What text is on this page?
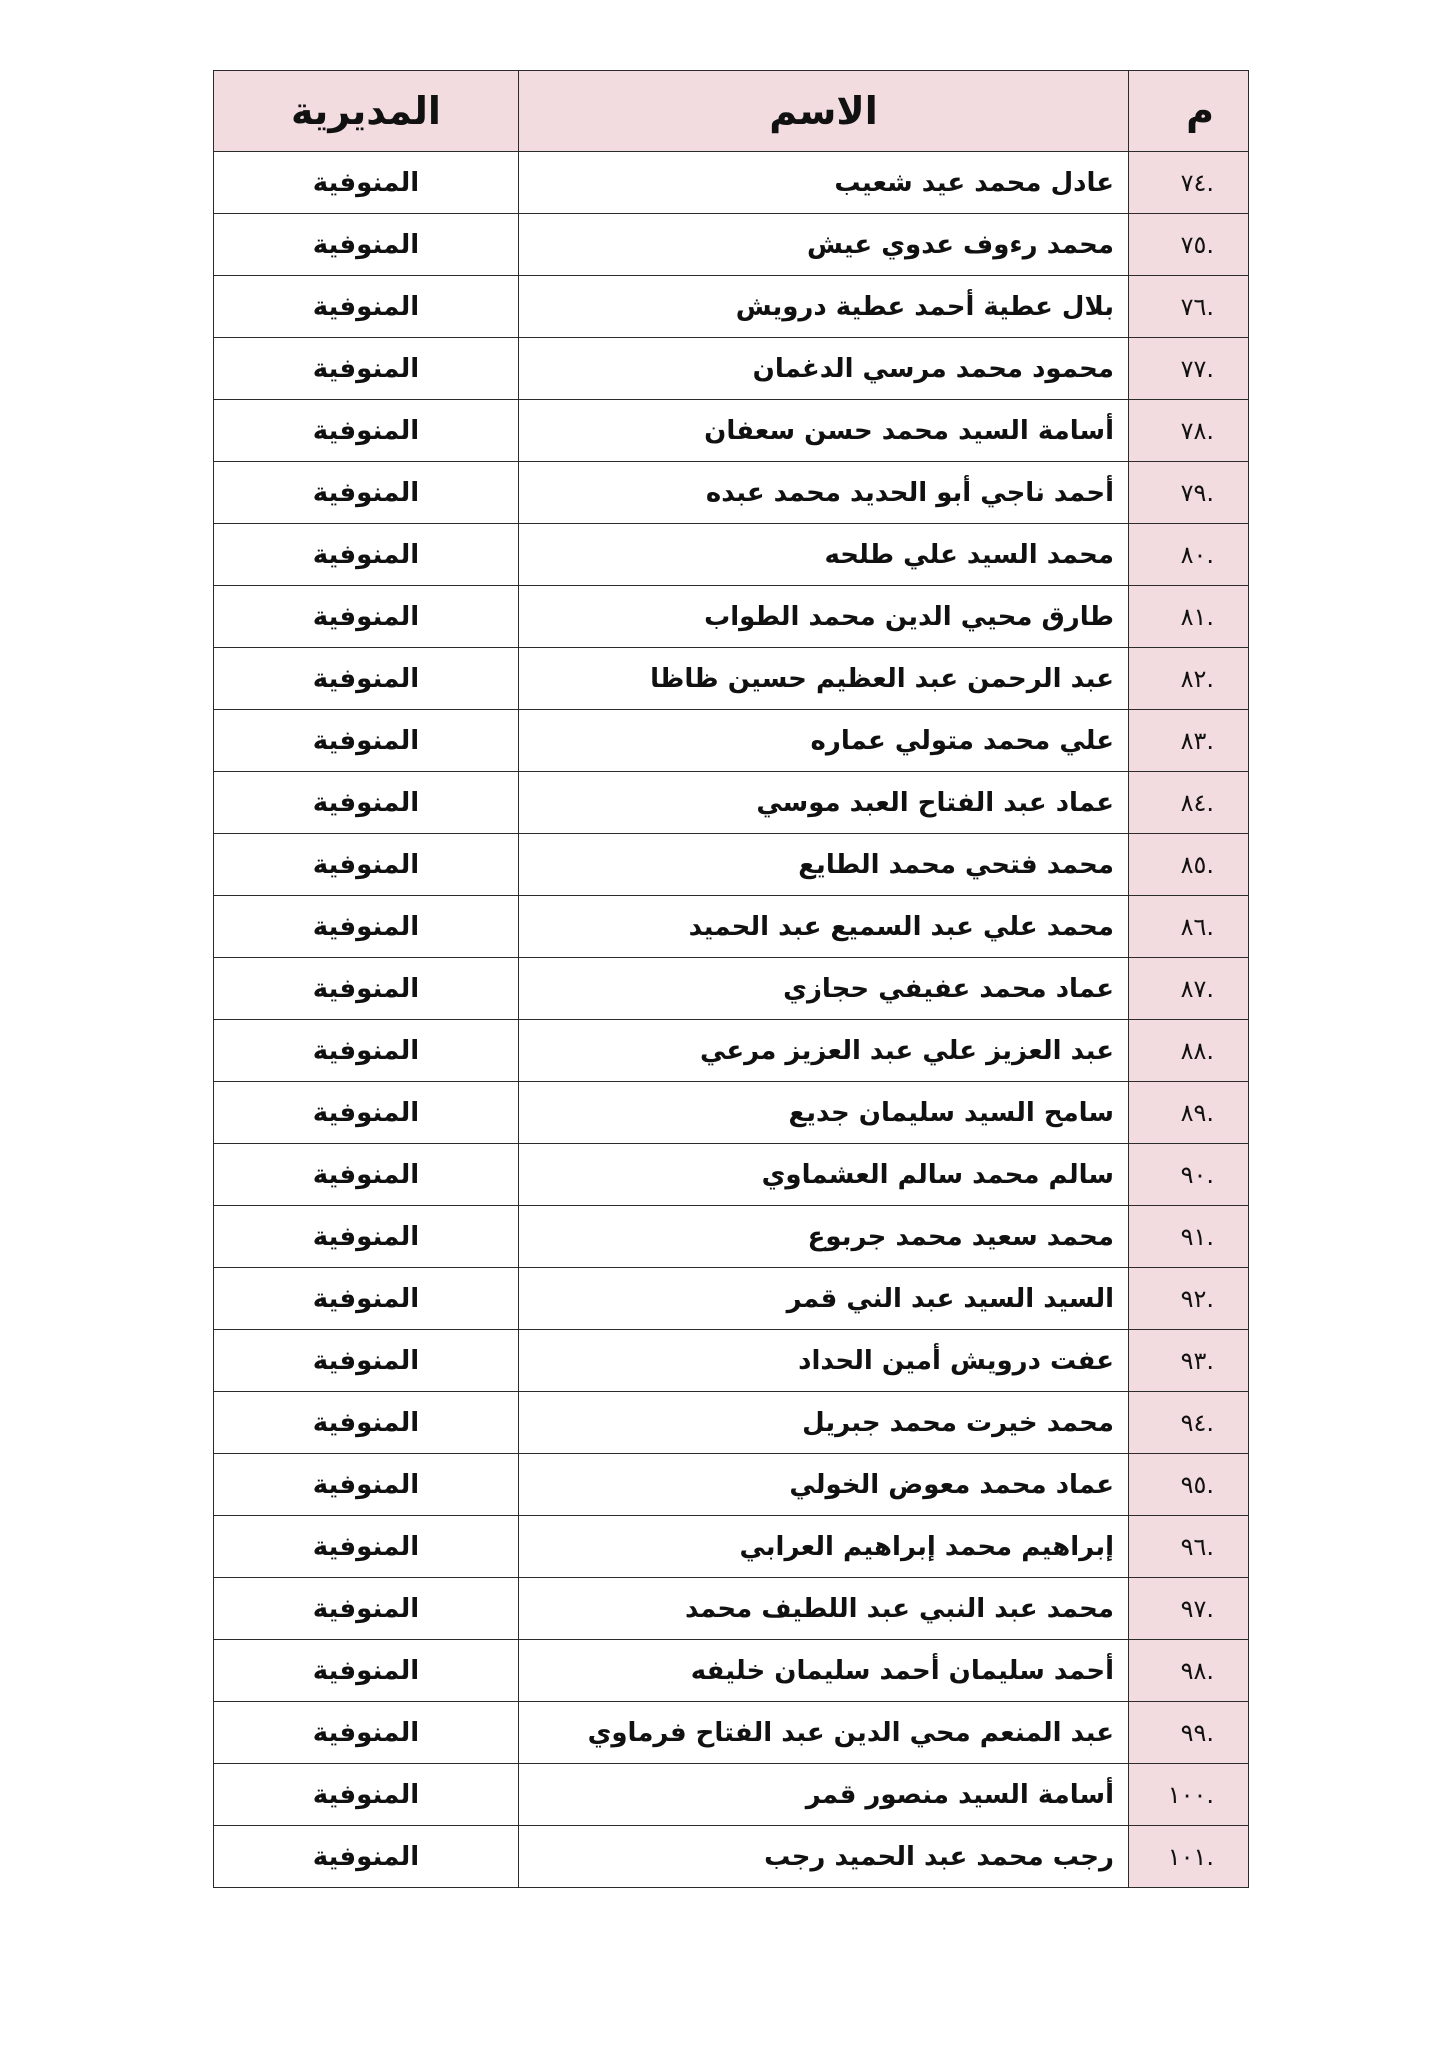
م	الاسم	المديرية
.٧٤	عادل محمد عيد شعيب	المنوفية
.٧٥	محمد رءوف عدوي عيش	المنوفية
.٧٦	بلال عطية أحمد عطية درويش	المنوفية
.٧٧	محمود محمد مرسي الدغمان	المنوفية
.٧٨	أسامة السيد محمد حسن سعفان	المنوفية
.٧٩	أحمد ناجي أبو الحديد محمد عبده	المنوفية
.٨٠	محمد السيد علي طلحه	المنوفية
.٨١	طارق محيي الدين محمد الطواب	المنوفية
.٨٢	عبد الرحمن عبد العظيم حسين ظاظا	المنوفية
.٨٣	علي محمد متولي عماره	المنوفية
.٨٤	عماد عبد الفتاح العبد موسي	المنوفية
.٨٥	محمد فتحي محمد الطايع	المنوفية
.٨٦	محمد علي عبد السميع عبد الحميد	المنوفية
.٨٧	عماد محمد عفيفي حجازي	المنوفية
.٨٨	عبد العزيز علي عبد العزيز مرعي	المنوفية
.٨٩	سامح السيد سليمان جديع	المنوفية
.٩٠	سالم محمد سالم العشماوي	المنوفية
.٩١	محمد سعيد محمد جربوع	المنوفية
.٩٢	السيد السيد عبد الني قمر	المنوفية
.٩٣	عفت درويش أمين الحداد	المنوفية
.٩٤	محمد خيرت محمد جبريل	المنوفية
.٩٥	عماد محمد معوض الخولي	المنوفية
.٩٦	إبراهيم محمد إبراهيم العرابي	المنوفية
.٩٧	محمد عبد النبي عبد اللطيف محمد	المنوفية
.٩٨	أحمد سليمان أحمد سليمان خليفه	المنوفية
.٩٩	عبد المنعم محي الدين عبد الفتاح فرماوي	المنوفية
.١٠٠	أسامة السيد منصور قمر	المنوفية
.١٠١	رجب محمد عبد الحميد رجب	المنوفية
